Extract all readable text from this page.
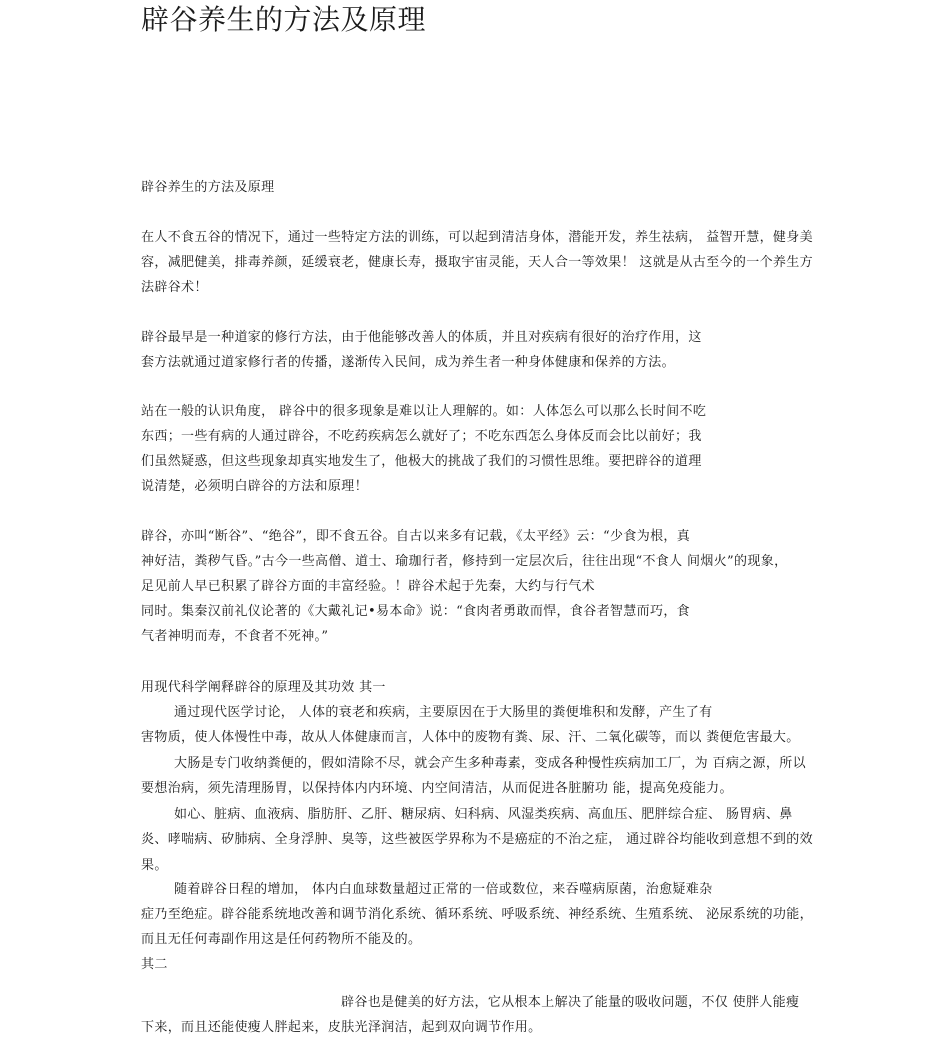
辟谷养生的方法及原理
辟谷养生的方法及原理
在人不食五谷的情况下，通过一些特定方法的训练，可以起到清洁身体，潜能开发，养生祛病， 益智开慧，健身美
容，减肥健美，排毒养颜，延缓衰老，健康长寿，摄取宇宙灵能，天人合一等效果！ 这就是从古至今的一个养生方
法辟谷术！
辟谷最早是一种道家的修行方法，由于他能够改善人的体质，并且对疾病有很好的治疗作用，这
套方法就通过道家修行者的传播，遂渐传入民间，成为养生者一种身体健康和保养的方法。
站在一般的认识角度， 辟谷中的很多现象是难以让人理解的。如：人体怎么可以那么长时间不吃
东西；一些有病的人通过辟谷，不吃药疾病怎么就好了；不吃东西怎么身体反而会比以前好；我
们虽然疑惑，但这些现象却真实地发生了，他极大的挑战了我们的习惯性思维。要把辟谷的道理
说清楚，必须明白辟谷的方法和原理！
辟谷，亦叫“断谷”、“绝谷”，即不食五谷。自古以来多有记载，《太平经》云：“少食为根，真
神好洁，粪秽气昏。”古今一些高僧、道士、瑜珈行者，修持到一定层次后，往往出现“不食人 间烟火”的现象，
足见前人早已积累了辟谷方面的丰富经验。！辟谷术起于先秦，大约与行气术
同时。集秦汉前礼仪论著的《大戴礼记•易本命》说：“食肉者勇敢而悍，食谷者智慧而巧，食
气者神明而寿，不食者不死神。”
用现代科学阐释辟谷的原理及其功效 其一
通过现代医学讨论， 人体的衰老和疾病，主要原因在于大肠里的粪便堆积和发酵，产生了有
害物质，使人体慢性中毒，故从人体健康而言，人体中的废物有粪、尿、汗、二氧化碳等，而以 粪便危害最大。
大肠是专门收纳粪便的，假如清除不尽，就会产生多种毒素，变成各种慢性疾病加工厂，为 百病之源，所以
要想治病，须先清理肠胃，以保持体内内环境、内空间清洁，从而促进各脏腑功 能，提高免疫能力。
如心、脏病、血液病、脂肪肝、乙肝、糖尿病、妇科病、风湿类疾病、高血压、肥胖综合症、 肠胃病、鼻
炎、哮喘病、矽肺病、全身浮肿、臭等，这些被医学界称为不是癌症的不治之症， 通过辟谷均能收到意想不到的效
果。
随着辟谷日程的增加， 体内白血球数量超过正常的一倍或数位，来吞噬病原菌，治愈疑难杂
症乃至绝症。辟谷能系统地改善和调节消化系统、循环系统、呼吸系统、神经系统、生殖系统、 泌尿系统的功能，
而且无任何毒副作用这是任何药物所不能及的。
其二
辟谷也是健美的好方法，它从根本上解决了能量的吸收问题，不仅 使胖人能瘦
下来，而且还能使瘦人胖起来，皮肤光泽润洁，起到双向调节作用。
